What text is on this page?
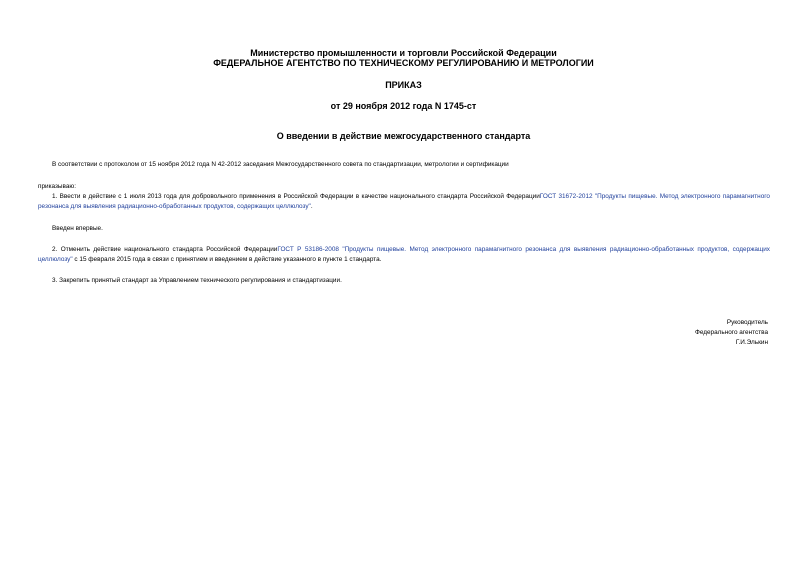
Министерство промышленности и торговли Российской Федерации
ФЕДЕРАЛЬНОЕ АГЕНТСТВО ПО ТЕХНИЧЕСКОМУ РЕГУЛИРОВАНИЮ И МЕТРОЛОГИИ
ПРИКАЗ
от 29 ноября 2012 года N 1745-ст
О введении в действие межгосударственного стандарта
В соответствии с протоколом от 15 ноября 2012 года N 42-2012 заседания Межгосударственного совета по стандартизации, метрологии и сертификации
приказываю:
1. Ввести в действие с 1 июля 2013 года для добровольного применения в Российской Федерации в качестве национального стандарта Российской ФедерацииГОСТ 31672-2012 "Продукты пищевые. Метод электронного парамагнитного резонанса для выявления радиационно-обработанных продуктов, содержащих целлюлозу".
Введен впервые.
2. Отменить действие национального стандарта Российской ФедерацииГОСТ Р 53186-2008 "Продукты пищевые. Метод электронного парамагнитного резонанса для выявления радиационно-обработанных продуктов, содержащих целлюлозу" с 15 февраля 2015 года в связи с принятием и введением в действие указанного в пункте 1 стандарта.
3. Закрепить принятый стандарт за Управлением технического регулирования и стандартизации.
Руководитель
Федерального агентства
Г.И.Элькин
